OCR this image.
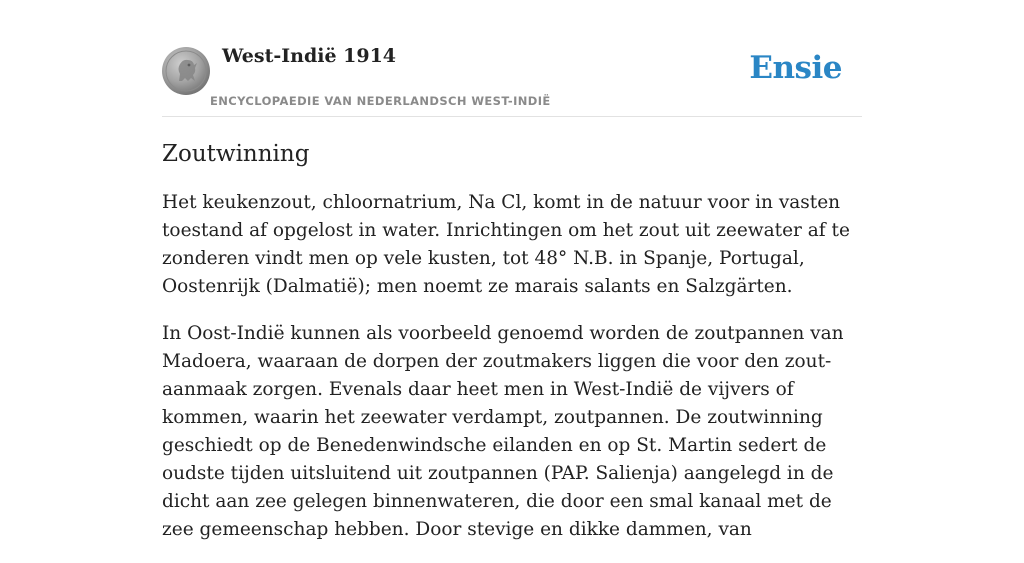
West-Indië 1914
ENCYCLOPAEDIE VAN NEDERLANDSCH WEST-INDIË
Ensie
Zoutwinning

Het keukenzout, chloornatrium, Na Cl, komt in de natuur voor in vasten toestand af opgelost in water. Inrichtingen om het zout uit zeewater af te zonderen vindt men op vele kusten, tot 48° N.B. in Spanje, Portugal, Oostenrijk (Dalmatië); men noemt ze marais salants en Salzgärten.

In Oost-Indië kunnen als voorbeeld genoemd worden de zoutpannen van Madoera, waaraan de dorpen der zoutmakers liggen die voor den zout-aanmaak zorgen. Evenals daar heet men in West-Indië de vijvers of kommen, waarin het zeewater verdampt, zoutpannen. De zoutwinning geschiedt op de Benedenwindsche eilanden en op St. Martin sedert de oudste tijden uitsluitend uit zoutpannen (PAP. Salienja) aangelegd in de dicht aan zee gelegen binnenwateren, die door een smal kanaal met de zee gemeenschap hebben. Door stevige en dikke dammen, van
